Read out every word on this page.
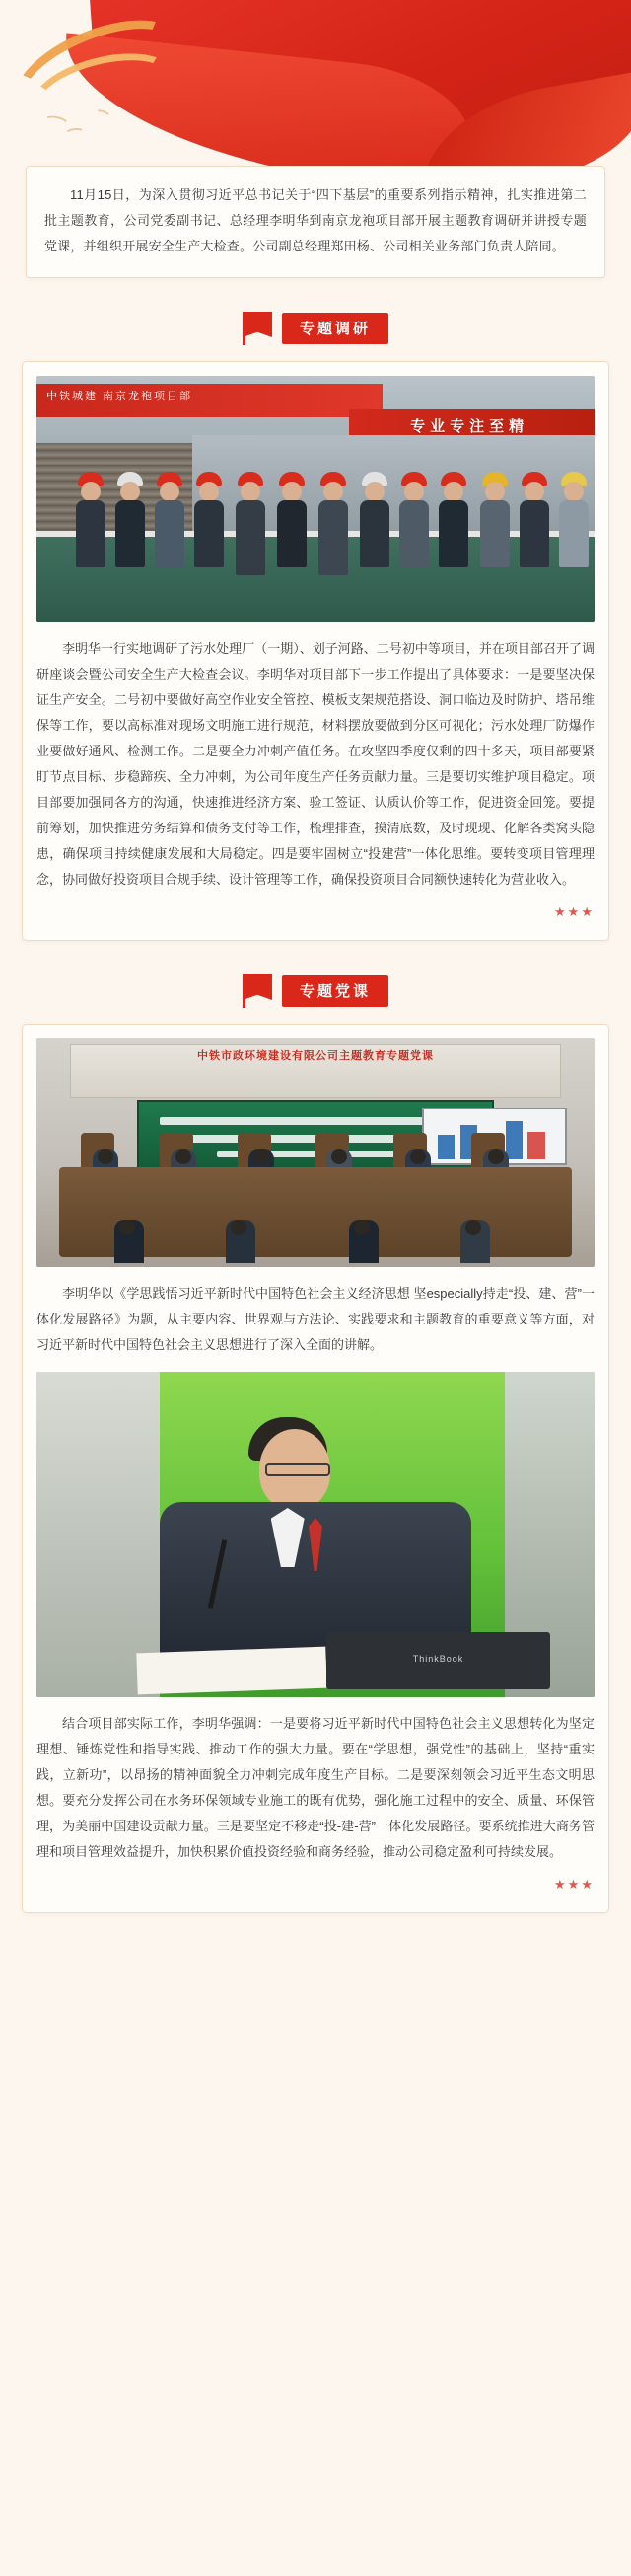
11月15日，为深入贯彻习近平总书记关于“四下基层”的重要系列指示精神，扎实推进第二批主题教育，公司党委副书记、总经理李明华到南京龙袍项目部开展主题教育调研并讲授专题党课，并组织开展安全生产大检查。公司副总经理郑田杨、公司相关业务部门负责人陪同。

专题调研
中铁城建 南京龙袍项目部
专业专注至精
李明华一行实地调研了污水处理厂（一期）、划子河路、二号初中等项目，并在项目部召开了调研座谈会暨公司安全生产大检查会议。李明华对项目部下一步工作提出了具体要求：一是要坚决保证生产安全。二号初中要做好高空作业安全管控、模板支架规范搭设、洞口临边及时防护、塔吊维保等工作，要以高标准对现场文明施工进行规范，材料摆放要做到分区可视化；污水处理厂防爆作业要做好通风、检测工作。二是要全力冲刺产值任务。在攻坚四季度仅剩的四十多天，项目部要紧盯节点目标、步稳蹄疾、全力冲刺，为公司年度生产任务贡献力量。三是要切实维护项目稳定。项目部要加强同各方的沟通，快速推进经济方案、验工签证、认质认价等工作，促进资金回笼。要提前筹划，加快推进劳务结算和债务支付等工作，梳理排查，摸清底数，及时现现、化解各类窝头隐患，确保项目持续健康发展和大局稳定。四是要牢固树立“投建营”一体化思维。要转变项目管理理念，协同做好投资项目合规手续、设计管理等工作，确保投资项目合同额快速转化为营业收入。
★★★
专题党课
中铁市政环境建设有限公司主题教育专题党课
李明华以《学思践悟习近平新时代中国特色社会主义经济思想 坚especially持走“投、建、营”一体化发展路径》为题，从主要内容、世界观与方法论、实践要求和主题教育的重要意义等方面，对习近平新时代中国特色社会主义思想进行了深入全面的讲解。
ThinkBook
结合项目部实际工作，李明华强调：一是要将习近平新时代中国特色社会主义思想转化为坚定理想、锤炼党性和指导实践、推动工作的强大力量。要在“学思想，强党性”的基础上，坚持“重实践，立新功”，以昂扬的精神面貌全力冲刺完成年度生产目标。二是要深刻领会习近平生态文明思想。要充分发挥公司在水务环保领域专业施工的既有优势，强化施工过程中的安全、质量、环保管理，为美丽中国建设贡献力量。三是要坚定不移走“投-建-营”一体化发展路径。要系统推进大商务管理和项目管理效益提升，加快积累价值投资经验和商务经验，推动公司稳定盈利可持续发展。
★★★
